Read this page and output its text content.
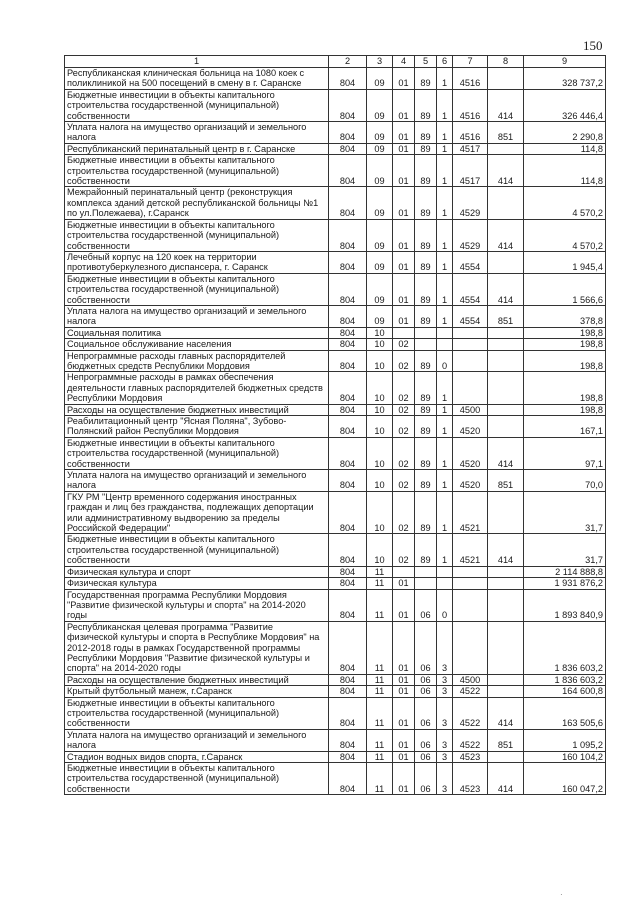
150
1	2	3	4	5	6	7	8	9
Республиканская клиническая больница на 1080 коек с поликлиникой на 500 посещений в смену в г. Саранске	804	09	01	89	1	4516		328 737,2
Бюджетные инвестиции в объекты капитального строительства государственной (муниципальной) собственности	804	09	01	89	1	4516	414	326 446,4
Уплата налога на имущество организаций и земельного налога	804	09	01	89	1	4516	851	2 290,8
Республиканский перинатальный центр в г. Саранске	804	09	01	89	1	4517		114,8
Бюджетные инвестиции в объекты капитального строительства государственной (муниципальной) собственности	804	09	01	89	1	4517	414	114,8
Межрайонный перинатальный центр (реконструкция комплекса зданий детской республиканской больницы №1 по ул.Полежаева), г.Саранск	804	09	01	89	1	4529		4 570,2
Бюджетные инвестиции в объекты капитального строительства государственной (муниципальной) собственности	804	09	01	89	1	4529	414	4 570,2
Лечебный корпус на 120 коек на территории противотуберкулезного диспансера, г. Саранск	804	09	01	89	1	4554		1 945,4
Бюджетные инвестиции в объекты капитального строительства государственной (муниципальной) собственности	804	09	01	89	1	4554	414	1 566,6
Уплата налога на имущество организаций и земельного налога	804	09	01	89	1	4554	851	378,8
Социальная политика	804	10						198,8
Социальное обслуживание населения	804	10	02					198,8
Непрограммные расходы главных распорядителей бюджетных средств Республики Мордовия	804	10	02	89	0			198,8
Непрограммные расходы в рамках обеспечения деятельности главных распорядителей бюджетных средств Республики Мордовия	804	10	02	89	1			198,8
Расходы на осуществление бюджетных инвестиций	804	10	02	89	1	4500		198,8
Реабилитационный центр "Ясная Поляна", Зубово-Полянский район Республики Мордовия	804	10	02	89	1	4520		167,1
Бюджетные инвестиции в объекты капитального строительства государственной (муниципальной) собственности	804	10	02	89	1	4520	414	97,1
Уплата налога на имущество организаций и земельного налога	804	10	02	89	1	4520	851	70,0
ГКУ РМ "Центр временного содержания иностранных граждан и лиц без гражданства, подлежащих депортации или административному выдворению за пределы Российской Федерации"	804	10	02	89	1	4521		31,7
Бюджетные инвестиции в объекты капитального строительства государственной (муниципальной) собственности	804	10	02	89	1	4521	414	31,7
Физическая культура и спорт	804	11						2 114 888,8
Физическая культура	804	11	01					1 931 876,2
Государственная программа Республики Мордовия "Развитие физической культуры и спорта" на 2014-2020 годы	804	11	01	06	0			1 893 840,9
Республиканская целевая программа "Развитие физической культуры и спорта в Республике Мордовия" на 2012-2018 годы в рамках Государственной программы Республики Мордовия "Развитие физической культуры и спорта" на 2014-2020 годы	804	11	01	06	3			1 836 603,2
Расходы на осуществление бюджетных инвестиций	804	11	01	06	3	4500		1 836 603,2
Крытый футбольный манеж, г.Саранск	804	11	01	06	3	4522		164 600,8
Бюджетные инвестиции в объекты капитального строительства государственной (муниципальной) собственности	804	11	01	06	3	4522	414	163 505,6
Уплата налога на имущество организаций и земельного налога	804	11	01	06	3	4522	851	1 095,2
Стадион водных видов спорта, г.Саранск	804	11	01	06	3	4523		160 104,2
Бюджетные инвестиции в объекты капитального строительства государственной (муниципальной) собственности	804	11	01	06	3	4523	414	160 047,2
·
